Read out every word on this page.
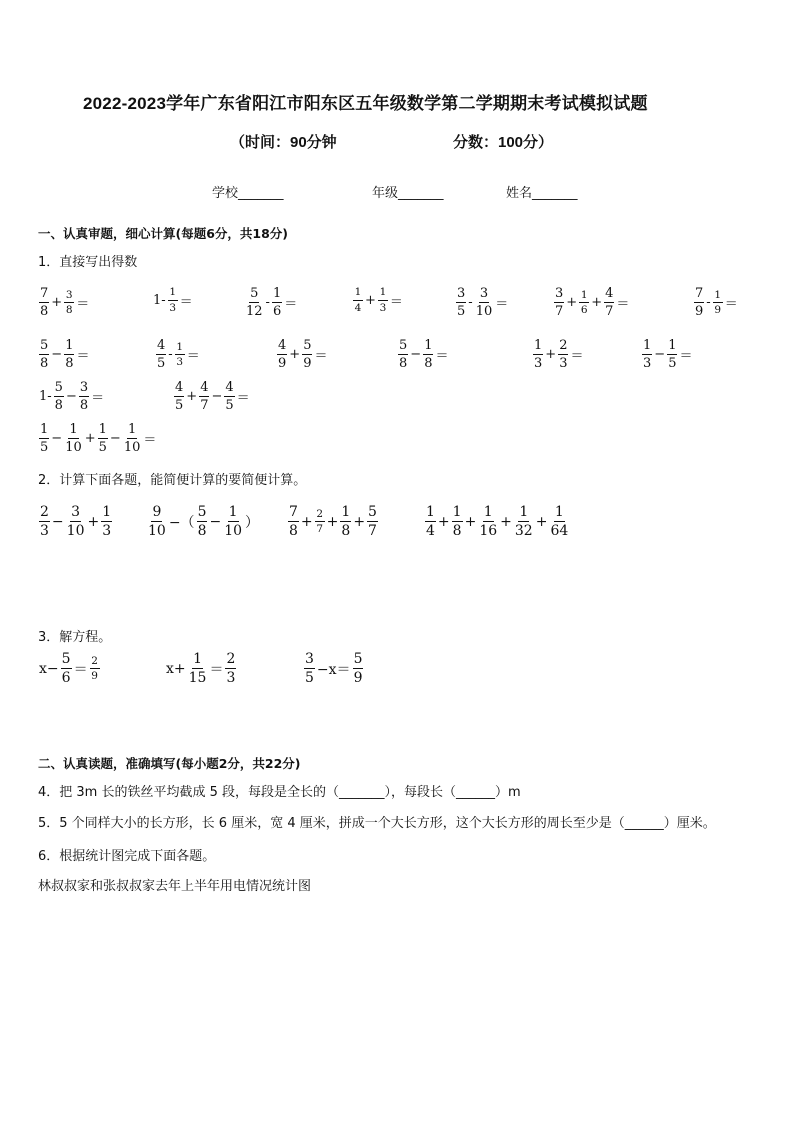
2022-2023学年广东省阳江市阳东区五年级数学第二学期期末考试模拟试题
（时间：90分钟	分数：100分）
学校_______	年级_______	姓名_______
一、认真审题，细心计算(每题6分，共18分)
1．直接写出得数
$\frac{7}{8} + \frac{3}{8}$ ＝	$1- \frac{1}{3}$ ＝	$\frac{5}{12} - \frac{1}{6}$ ＝	$\frac{1}{4} + \frac{1}{3}$ ＝	$\frac{3}{5} - \frac{3}{10}$ ＝	$\frac{3}{7} + \frac{1}{6} + \frac{4}{7}$ ＝	$\frac{7}{9} - \frac{1}{9}$ ＝
$\frac{5}{8} - \frac{1}{8}$ ＝	$\frac{4}{5} - \frac{1}{3}$ ＝	$\frac{4}{9} + \frac{5}{9}$ ＝	$\frac{5}{8} - \frac{1}{8}$ ＝	$\frac{1}{3} + \frac{2}{3}$ ＝	$\frac{1}{3} - \frac{1}{5}$ ＝
$1- \frac{5}{8} - \frac{3}{8}$ ＝	$\frac{4}{5} + \frac{4}{7} - \frac{4}{5}$ ＝
$\frac{1}{5} - \frac{1}{10} + \frac{1}{5} - \frac{1}{10}$ ＝
2．计算下面各题，能简便计算的要简便计算。
$\frac{2}{3} - \frac{3}{10} + \frac{1}{3} \frac{9}{10}$ −（ $\frac{5}{8} - \frac{1}{10}$ ） $\frac{7}{8} + \frac{2}{7} + \frac{1}{8} + \frac{5}{7}$	$\frac{1}{4} + \frac{1}{8} + \frac{1}{16} + \frac{1}{32} + \frac{1}{64}$
3．解方程。
$x- \frac{5}{6} = \frac{2}{9}$	$x+ \frac{1}{15} = \frac{2}{3}$	$\frac{3}{5} -x= \frac{5}{9}$
二、认真读题，准确填写(每小题2分，共22分)
4．把 3m 长的铁丝平均截成 5 段，每段是全长的（_______），每段长（______）m
5．5 个同样大小的长方形，长 6 厘米，宽 4 厘米，拼成一个大长方形，这个大长方形的周长至少是（______）厘米。
6．根据统计图完成下面各题。
林叔叔家和张叔叔家去年上半年用电情况统计图
